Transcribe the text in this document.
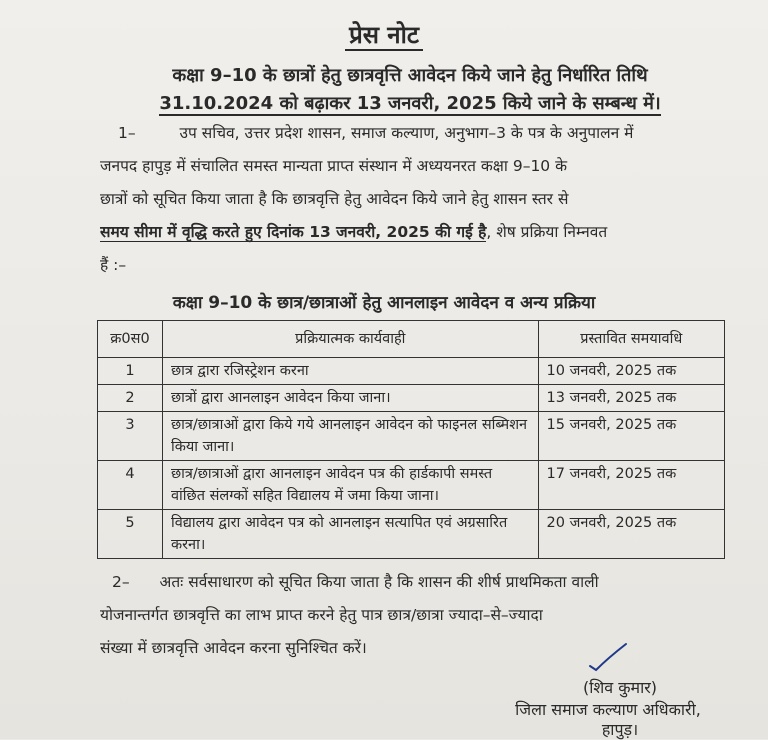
प्रेस नोट
कक्षा 9–10 के छात्रों हेतु छात्रवृत्ति आवेदन किये जाने हेतु निर्धारित तिथि
31.10.2024 को बढ़ाकर 13 जनवरी, 2025 किये जाने के सम्बन्ध में।
1–	उप सचिव, उत्तर प्रदेश शासन, समाज कल्याण, अनुभाग–3 के पत्र के अनुपालन में
जनपद हापुड़ में संचालित समस्त मान्यता प्राप्त संस्थान में अध्ययनरत कक्षा 9–10 के
छात्रों को सूचित किया जाता है कि छात्रवृत्ति हेतु आवेदन किये जाने हेतु शासन स्तर से
समय सीमा में वृद्धि करते हुए दिनांक 13 जनवरी, 2025 की गई है, शेष प्रक्रिया निम्नवत
हैं :–
कक्षा 9–10 के छात्र/छात्राओं हेतु आनलाइन आवेदन व अन्य प्रक्रिया
क्र0स0	प्रक्रियात्मक कार्यवाही	प्रस्तावित समयावधि
1	छात्र द्वारा रजिस्ट्रेशन करना	10 जनवरी, 2025 तक
2	छात्रों द्वारा आनलाइन आवेदन किया जाना।	13 जनवरी, 2025 तक
3	छात्र/छात्राओं द्वारा किये गये आनलाइन आवेदन को फाइनल सब्मिशन किया जाना।	15 जनवरी, 2025 तक
4	छात्र/छात्राओं द्वारा आनलाइन आवेदन पत्र की हार्डकापी समस्त वांछित संलग्कों सहित विद्यालय में जमा किया जाना।	17 जनवरी, 2025 तक
5	विद्यालय द्वारा आवेदन पत्र को आनलाइन सत्यापित एवं अग्रसारित करना।	20 जनवरी, 2025 तक
2– अतः सर्वसाधारण को सूचित किया जाता है कि शासन की शीर्ष प्राथमिकता वाली
योजनान्तर्गत छात्रवृत्ति का लाभ प्राप्त करने हेतु पात्र छात्र/छात्रा ज्यादा–से–ज्यादा
संख्या में छात्रवृत्ति आवेदन करना सुनिश्चित करें।
(शिव कुमार)
जिला समाज कल्याण अधिकारी,
हापुड़।
